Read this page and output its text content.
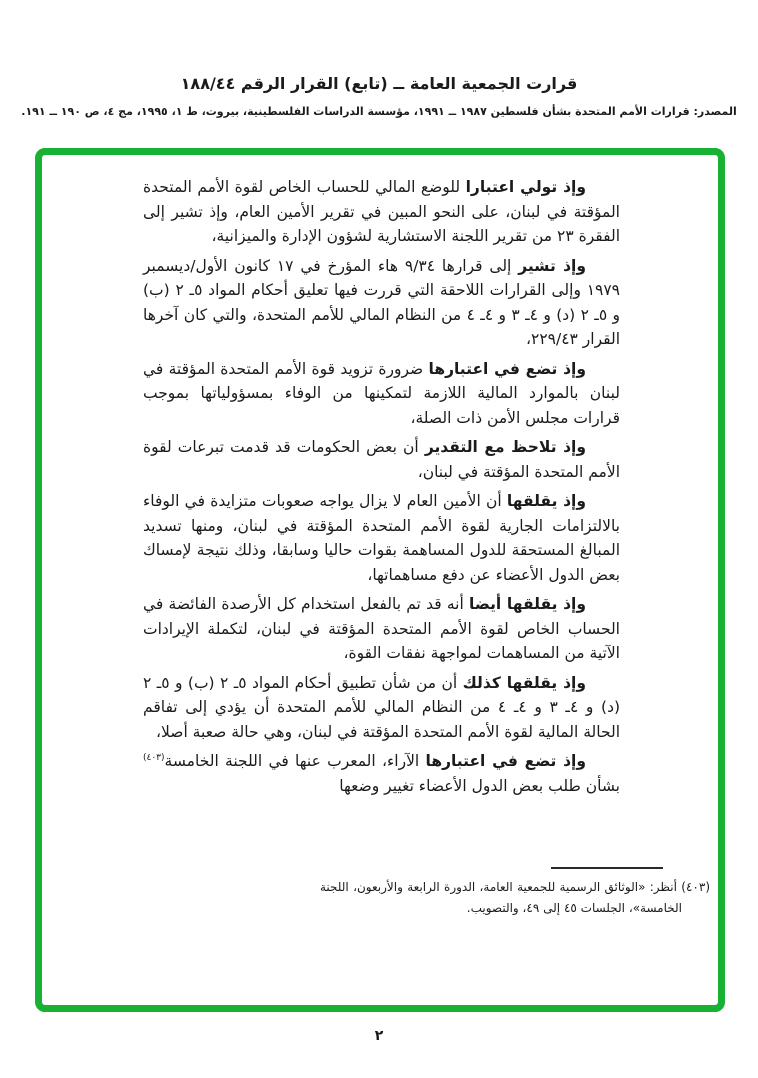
قرارت الجمعية العامة ــ (تابع) القرار الرقم ١٨٨/٤٤
المصدر: قرارات الأمم المتحدة بشأن فلسطين ١٩٨٧ ــ ١٩٩١، مؤسسة الدراسات الفلسطينية، بيروت، ط ١، ١٩٩٥، مج ٤، ص ١٩٠ ــ ١٩١.

وإذ تولي اعتبارا للوضع المالي للحساب الخاص لقوة الأمم المتحدة المؤقتة في لبنان، على النحو المبين في تقرير الأمين العام، وإذ تشير إلى الفقرة ٢٣ من تقرير اللجنة الاستشارية لشؤون الإدارة والميزانية،

وإذ تشير إلى قرارها ٩/٣٤ هاء المؤرخ في ١٧ كانون الأول/ديسمبر ١٩٧٩ وإلى القرارات اللاحقة التي قررت فيها تعليق أحكام المواد ٥ـ ٢ (ب) و ٥ـ ٢ (د) و ٤ـ ٣ و ٤ـ ٤ من النظام المالي للأمم المتحدة، والتي كان آخرها القرار ٢٢٩/٤٣،

وإذ تضع في اعتبارها ضرورة تزويد قوة الأمم المتحدة المؤقتة في لبنان بالموارد المالية اللازمة لتمكينها من الوفاء بمسؤولياتها بموجب قرارات مجلس الأمن ذات الصلة،

وإذ تلاحظ مع التقدير أن بعض الحكومات قد قدمت تبرعات لقوة الأمم المتحدة المؤقتة في لبنان،

وإذ يقلقها أن الأمين العام لا يزال يواجه صعوبات متزايدة في الوفاء بالالتزامات الجارية لقوة الأمم المتحدة المؤقتة في لبنان، ومنها تسديد المبالغ المستحقة للدول المساهمة بقوات حاليا وسابقا، وذلك نتيجة لإمساك بعض الدول الأعضاء عن دفع مساهماتها،

وإذ يقلقها أيضا أنه قد تم بالفعل استخدام كل الأرصدة الفائضة في الحساب الخاص لقوة الأمم المتحدة المؤقتة في لبنان، لتكملة الإيرادات الآتية من المساهمات لمواجهة نفقات القوة،

وإذ يقلقها كذلك أن من شأن تطبيق أحكام المواد ٥ـ ٢ (ب) و ٥ـ ٢ (د) و ٤ـ ٣ و ٤ـ ٤ من النظام المالي للأمم المتحدة أن يؤدي إلى تفاقم الحالة المالية لقوة الأمم المتحدة المؤقتة في لبنان، وهي حالة صعبة أصلا،

وإذ تضع في اعتبارها الآراء، المعرب عنها في اللجنة الخامسة$^{(٤٠٣)}$ بشأن طلب بعض الدول الأعضاء تغيير وضعها

(٤٠٣) أنظر: «الوثائق الرسمية للجمعية العامة، الدورة الرابعة والأربعون، اللجنة الخامسة»، الجلسات ٤٥ إلى ٤٩، والتصويب.
٢
